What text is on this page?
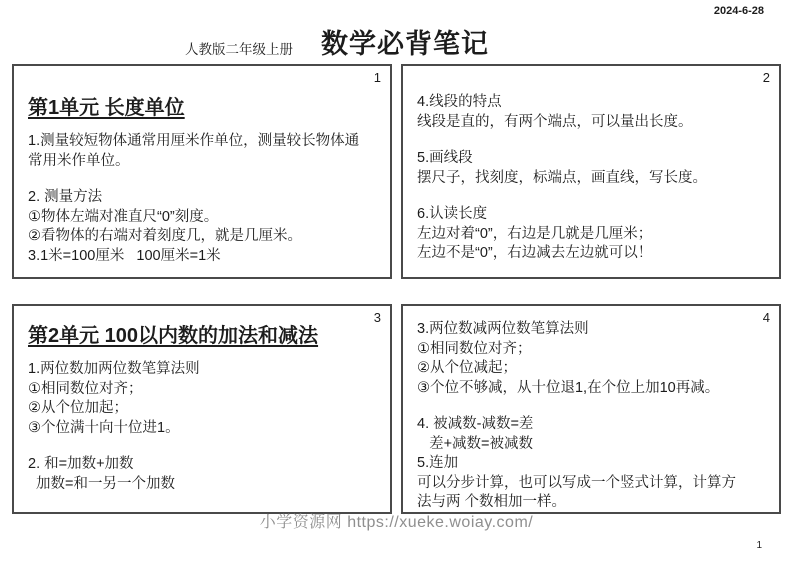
2024-6-28
人教版二年级上册 数学必背笔记
1
第1单元 长度单位
1.测量较短物体通常用厘米作单位，测量较长物体通
常用米作单位。
2. 测量方法
①物体左端对准直尺“0”刻度。
②看物体的右端对着刻度几，就是几厘米。
3.1米=100厘米   100厘米=1米
2
4.线段的特点
线段是直的，有两个端点，可以量出长度。
5.画线段
摆尺子，找刻度，标端点，画直线，写长度。
6.认读长度
左边对着“0”，右边是几就是几厘米；
左边不是“0”，右边减去左边就可以！
3
第2单元 100以内数的加法和减法
1.两位数加两位数笔算法则
①相同数位对齐；
②从个位加起；
③个位满十向十位进1。
2. 和=加数+加数
加数=和一另一个加数
4
3.两位数减两位数笔算法则
①相同数位对齐；
②从个位减起；
③个位不够减，从十位退1,在个位上加10再减。
4. 被减数-减数=差
差+减数=被减数
5.连加
可以分步计算，也可以写成一个竖式计算，计算方
法与两 个数相加一样。
小学资源网 https://xueke.woiay.com/
1
